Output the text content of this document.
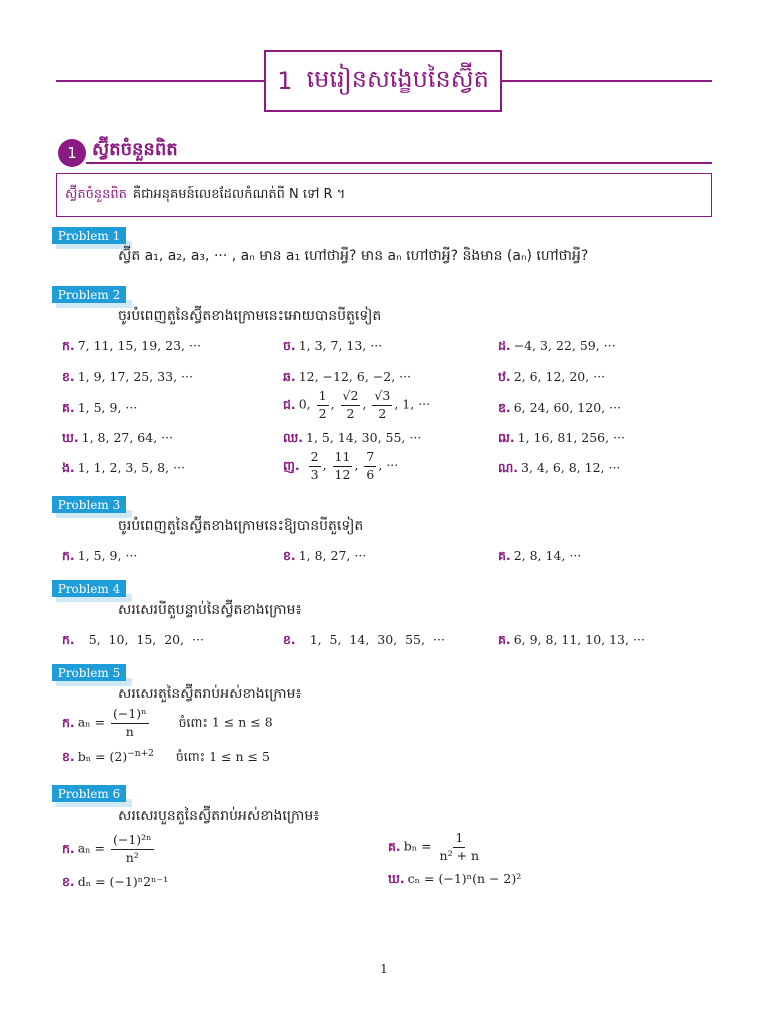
1 មេរៀនសង្ខេបនៃស្វ៊ីត
1 ស្វ៊ីតចំនួនពិត
ស្វ៊ីតចំនួនពិត គឺជាអនុគមន៍លេខដែលកំណត់ពី N ទៅ R ។
Problem 1
ស្វ៊ីត a₁, a₂, a₃, ··· , aₙ មាន a₁ ហៅថាអ្វី? មាន aₙ ហៅថាអ្វី? និងមាន (aₙ) ហៅថាអ្វី?
Problem 2
ចូរបំពេញតួនៃស្វ៊ីតខាងក្រោមនេះអោយបានបីតួទៀត
ក. 7, 11, 15, 19, 23, ···	ច. 1, 3, 7, 13, ···	ដ. −4, 3, 22, 59, ···
ខ. 1, 9, 17, 25, 33, ···	ឆ. 12, −12, 6, −2, ···	ឋ. 2, 6, 12, 20, ···
គ. 1, 5, 9, ···	ជ. 0, $\frac{1}{2}$ , $\frac{√2}{2}$ , $\frac{√3}{2}$ , 1, ···	ឌ. 6, 24, 60, 120, ···
ឃ. 1, 8, 27, 64, ···	ឈ. 1, 5, 14, 30, 55, ···	ឍ. 1, 16, 81, 256, ···
ង. 1, 1, 2, 3, 5, 8, ···	ញ. $\frac{2}{3}$ , $\frac{11}{12}$ , $\frac{7}{6}$ , ···	ណ. 3, 4, 6, 8, 12, ···
Problem 3
ចូរបំពេញតួនៃស្វ៊ីតខាងក្រោមនេះឱ្យបានបីតួទៀត
ក. 1, 5, 9, ···	ខ. 1, 8, 27, ···	គ. 2, 8, 14, ···
Problem 4
សរសេរបីតួបន្ទាប់នៃស្វ៊ីតខាងក្រោម៖
ក. 5,  10,  15,  20,  ···	ខ. 1,  5,  14,  30,  55,  ···	គ. 6, 9, 8, 11, 10, 13, ···
Problem 5
សរសេរតួនៃស្វ៊ីតរាប់អស់ខាងក្រោម៖
ក. $a_n = \frac{\text{(−1)ⁿ}}{n}$ ចំពោះ 1 ≤ n ≤ 8
ខ. $b_n = (2)^{-n+2}$ ចំពោះ 1 ≤ n ≤ 5
Problem 6
សរសេរបួនតួនៃស្វ៊ីតរាប់អស់ខាងក្រោម៖
ក. $a_n = \frac{\text{(−1)²ⁿ}}{\text{n²}}$	គ. $b_n = \frac{1}{\text{n² + n}}$
ខ. dₙ = (−1)ⁿ2ⁿ⁻¹	ឃ. cₙ = (−1)ⁿ(n − 2)²
1
